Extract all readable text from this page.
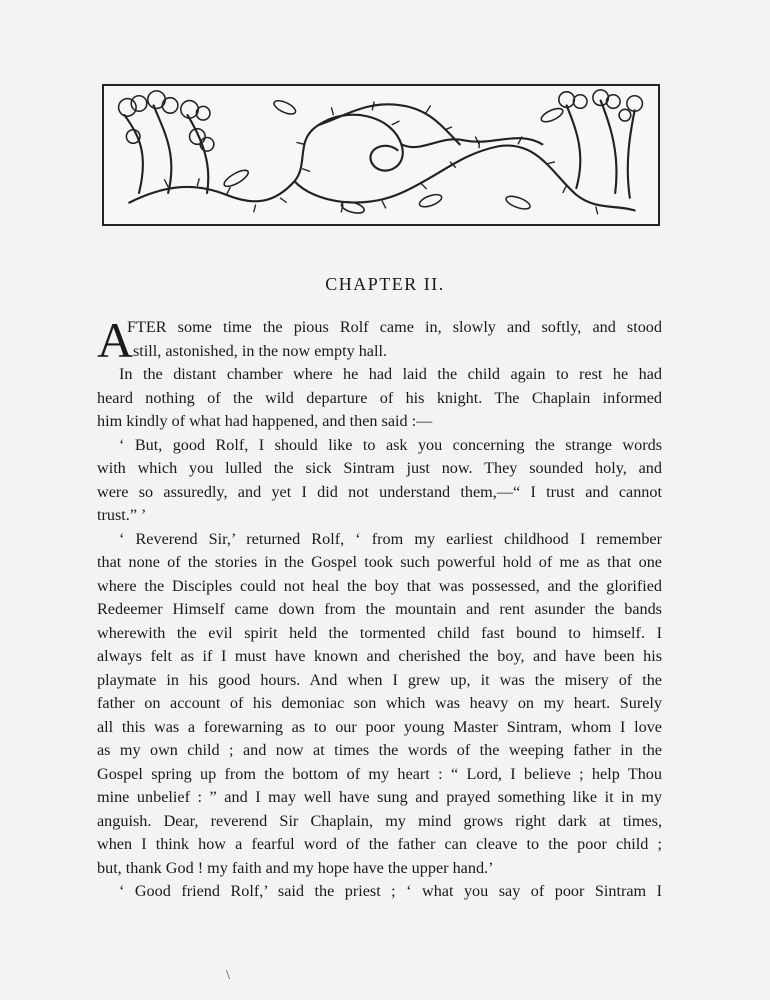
CHAPTER II.
A
FTER some time the pious Rolf came in, slowly and softly, and stood
still, astonished, in the now empty hall.
In the distant chamber where he had laid the child again to rest he had
heard nothing of the wild departure of his knight. The Chaplain informed
him kindly of what had happened, and then said :—
‘ But, good Rolf, I should like to ask you concerning the strange words
with which you lulled the sick Sintram just now. They sounded holy, and
were so assuredly, and yet I did not understand them,—“ I trust and cannot
trust.” ’
‘ Reverend Sir,’ returned Rolf, ‘ from my earliest childhood I remember
that none of the stories in the Gospel took such powerful hold of me as that one
where the Disciples could not heal the boy that was possessed, and the glorified
Redeemer Himself came down from the mountain and rent asunder the bands
wherewith the evil spirit held the tormented child fast bound to himself. I
always felt as if I must have known and cherished the boy, and have been his
playmate in his good hours. And when I grew up, it was the misery of the
father on account of his demoniac son which was heavy on my heart. Surely
all this was a forewarning as to our poor young Master Sintram, whom I love
as my own child ; and now at times the words of the weeping father in the
Gospel spring up from the bottom of my heart : “ Lord, I believe ; help Thou
mine unbelief : ” and I may well have sung and prayed something like it in my
anguish. Dear, reverend Sir Chaplain, my mind grows right dark at times,
when I think how a fearful word of the father can cleave to the poor child ;
but, thank God ! my faith and my hope have the upper hand.’
‘ Good friend Rolf,’ said the priest ; ‘ what you say of poor Sintram I
\
